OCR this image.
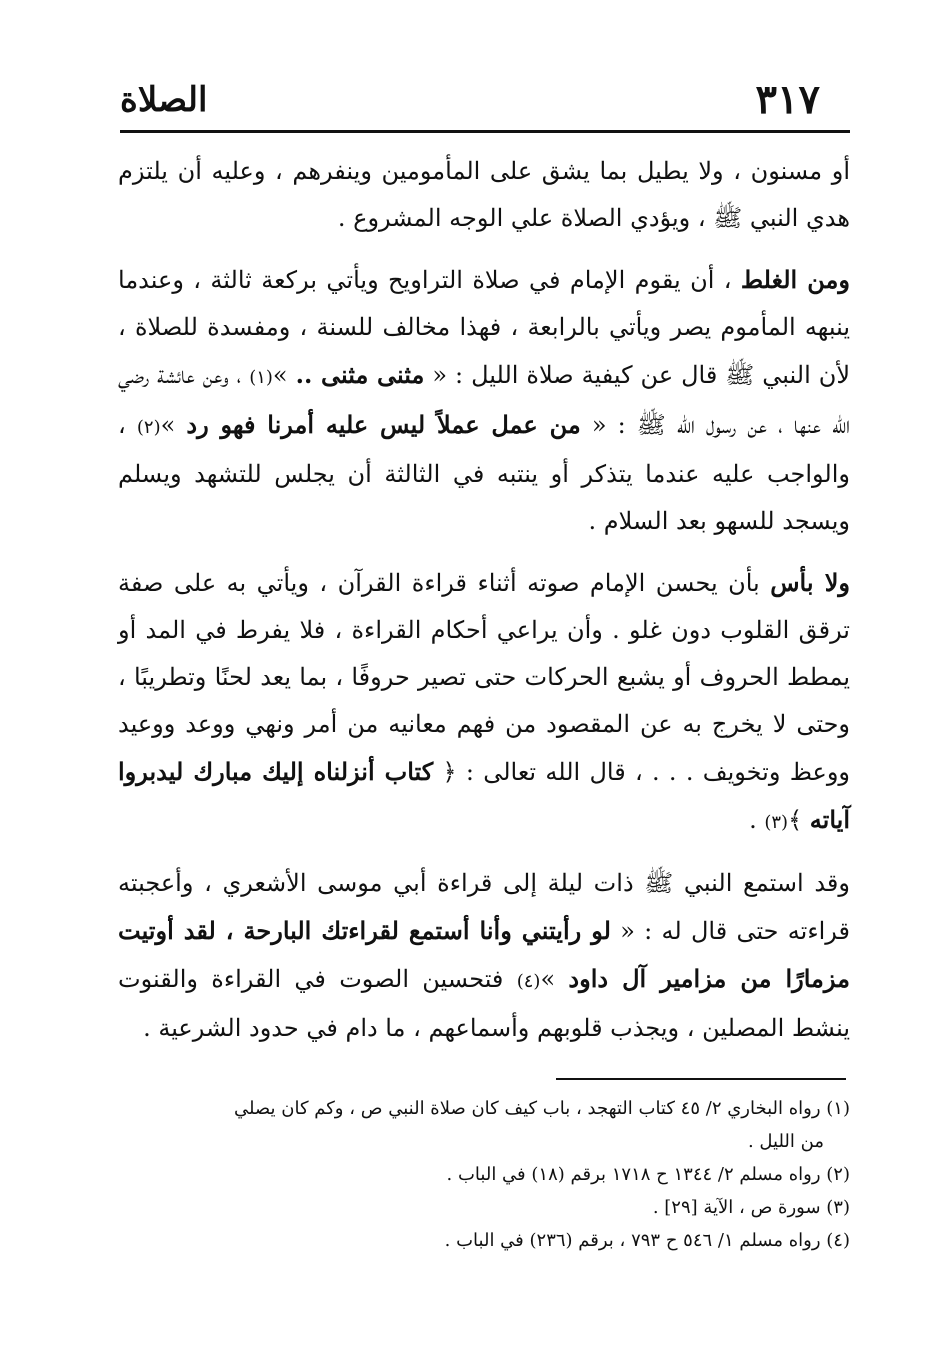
الصلاة	٣١٧

أو مسنون ، ولا يطيل بما يشق على المأمومين وينفرهم ، وعليه أن يلتزم هدي النبي ﷺ ، ويؤدي الصلاة علي الوجه المشروع .

ومن الغلط ، أن يقوم الإمام في صلاة التراويح ويأتي بركعة ثالثة ، وعندما ينبهه المأموم يصر ويأتي بالرابعة ، فهذا مخالف للسنة ، ومفسدة للصلاة ، لأن النبي ﷺ قال عن كيفية صلاة الليل : « مثنى مثنى .. »(١) ، وعن عائشة رضي الله عنها ، عن رسول الله ﷺ : « من عمل عملاً ليس عليه أمرنا فهو رد »(٢) ، والواجب عليه عندما يتذكر أو ينتبه في الثالثة أن يجلس للتشهد ويسلم ويسجد للسهو بعد السلام .

ولا بأس بأن يحسن الإمام صوته أثناء قراءة القرآن ، ويأتي به على صفة ترقق القلوب دون غلو . وأن يراعي أحكام القراءة ، فلا يفرط في المد أو يمطط الحروف أو يشبع الحركات حتى تصير حروفًا ، بما يعد لحنًا وتطريبًا ، وحتى لا يخرج به عن المقصود من فهم معانيه من أمر ونهي ووعد ووعيد ووعظ وتخويف . . . ، قال الله تعالى : ﴿ كتاب أنزلناه إليك مبارك ليدبروا آياته ﴾(٣) .

وقد استمع النبي ﷺ ذات ليلة إلى قراءة أبي موسى الأشعري ، وأعجبته قراءته حتى قال له : « لو رأيتني وأنا أستمع لقراءتك البارحة ، لقد أوتيت مزمارًا من مزامير آل داود »(٤) فتحسين الصوت في القراءة والقنوت ينشط المصلين ، ويجذب قلوبهم وأسماعهم ، ما دام في حدود الشرعية .

(١) رواه البخاري ٢/ ٤٥ كتاب التهجد ، باب كيف كان صلاة النبي ص ، وكم كان يصلي

من الليل .

(٢) رواه مسلم ٢/ ١٣٤٤ ح ١٧١٨ برقم (١٨) في الباب .

(٣) سورة ص ، الآية [٢٩] .

(٤) رواه مسلم ١/ ٥٤٦ ح ٧٩٣ ، برقم (٢٣٦) في الباب .
